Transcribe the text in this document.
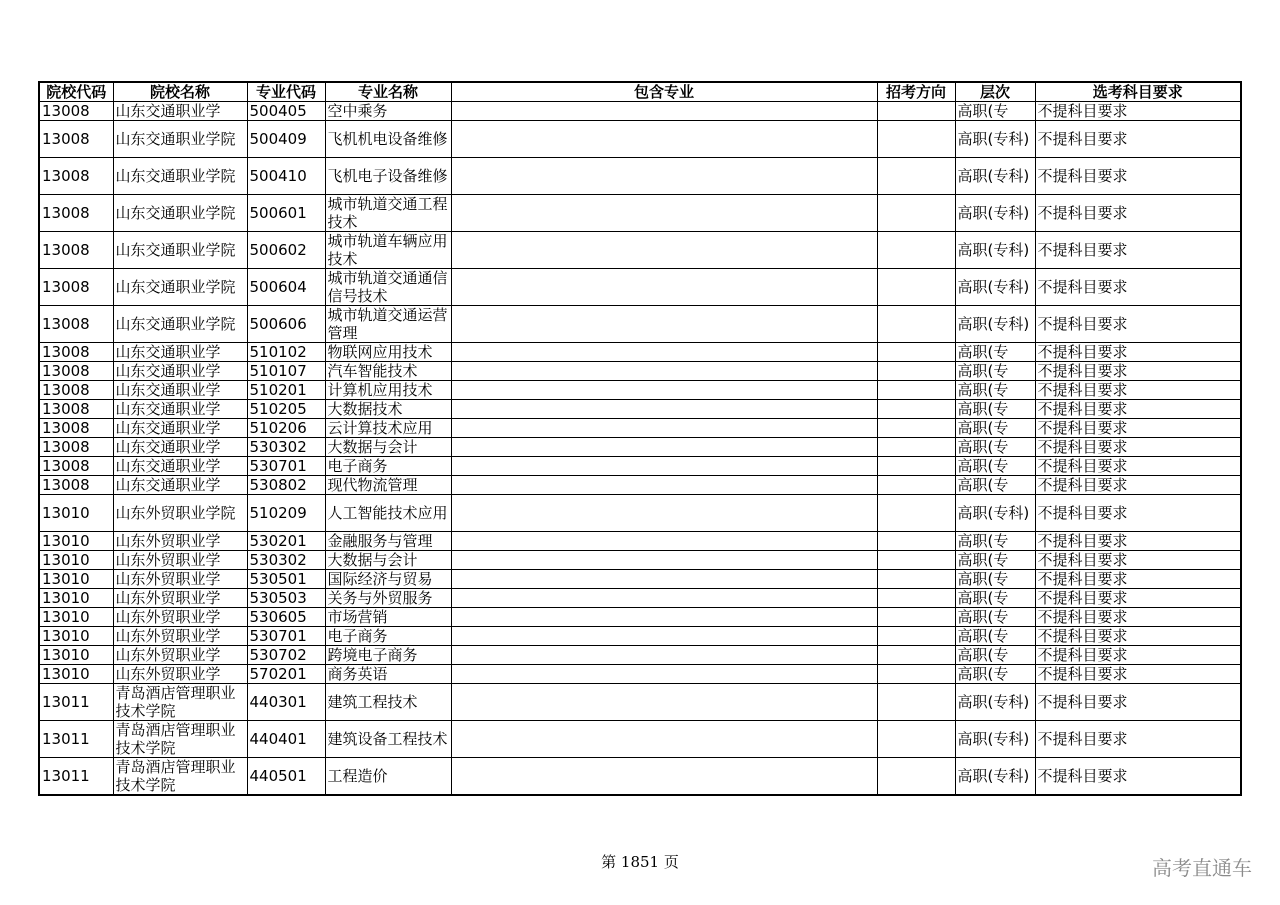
院校代码	院校名称	专业代码	专业名称	包含专业	招考方向	层次	选考科目要求
13008	山东交通职业学	500405	空中乘务			高职(专	不提科目要求
13008	山东交通职业学院	500409	飞机机电设备维修			高职(专科)	不提科目要求
13008	山东交通职业学院	500410	飞机电子设备维修			高职(专科)	不提科目要求
13008	山东交通职业学院	500601	城市轨道交通工程技术			高职(专科)	不提科目要求
13008	山东交通职业学院	500602	城市轨道车辆应用技术			高职(专科)	不提科目要求
13008	山东交通职业学院	500604	城市轨道交通通信信号技术			高职(专科)	不提科目要求
13008	山东交通职业学院	500606	城市轨道交通运营管理			高职(专科)	不提科目要求
13008	山东交通职业学	510102	物联网应用技术			高职(专	不提科目要求
13008	山东交通职业学	510107	汽车智能技术			高职(专	不提科目要求
13008	山东交通职业学	510201	计算机应用技术			高职(专	不提科目要求
13008	山东交通职业学	510205	大数据技术			高职(专	不提科目要求
13008	山东交通职业学	510206	云计算技术应用			高职(专	不提科目要求
13008	山东交通职业学	530302	大数据与会计			高职(专	不提科目要求
13008	山东交通职业学	530701	电子商务			高职(专	不提科目要求
13008	山东交通职业学	530802	现代物流管理			高职(专	不提科目要求
13010	山东外贸职业学院	510209	人工智能技术应用			高职(专科)	不提科目要求
13010	山东外贸职业学	530201	金融服务与管理			高职(专	不提科目要求
13010	山东外贸职业学	530302	大数据与会计			高职(专	不提科目要求
13010	山东外贸职业学	530501	国际经济与贸易			高职(专	不提科目要求
13010	山东外贸职业学	530503	关务与外贸服务			高职(专	不提科目要求
13010	山东外贸职业学	530605	市场营销			高职(专	不提科目要求
13010	山东外贸职业学	530701	电子商务			高职(专	不提科目要求
13010	山东外贸职业学	530702	跨境电子商务			高职(专	不提科目要求
13010	山东外贸职业学	570201	商务英语			高职(专	不提科目要求
13011	青岛酒店管理职业技术学院	440301	建筑工程技术			高职(专科)	不提科目要求
13011	青岛酒店管理职业技术学院	440401	建筑设备工程技术			高职(专科)	不提科目要求
13011	青岛酒店管理职业技术学院	440501	工程造价			高职(专科)	不提科目要求
第 1851 页	高考直通车
